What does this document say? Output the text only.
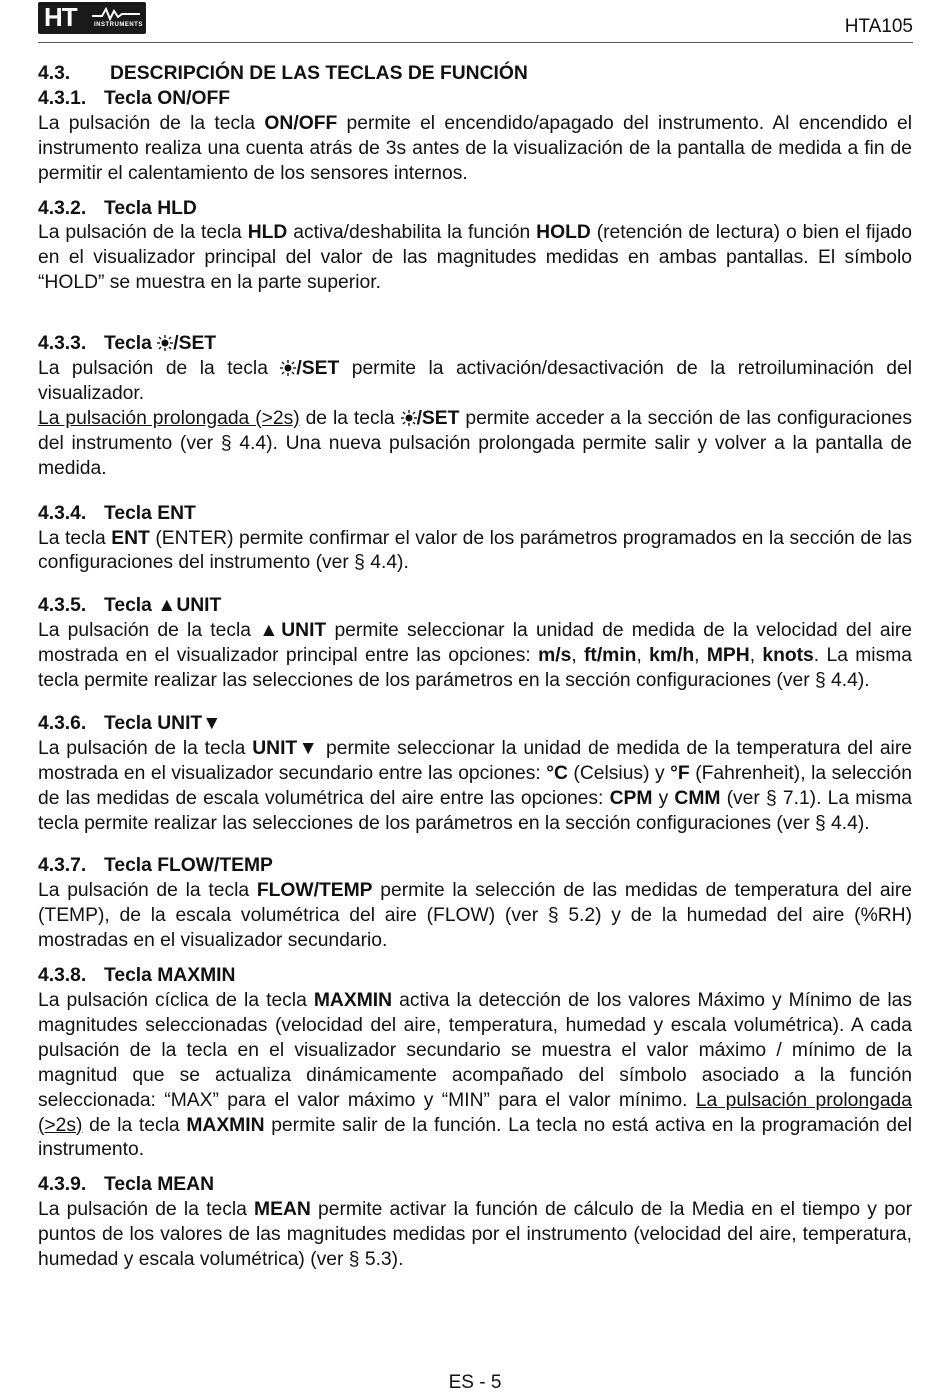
HT	INSTRUMENTS	HTA105
4.3. DESCRIPCIÓN DE LAS TECLAS DE FUNCIÓN
4.3.1. Tecla ON/OFF

La pulsación de la tecla ON/OFF permite el encendido/apagado del instrumento. Al encendido el instrumento realiza una cuenta atrás de 3s antes de la visualización de la pantalla de medida a fin de permitir el calentamiento de los sensores internos.

4.3.2. Tecla HLD

La pulsación de la tecla HLD activa/deshabilita la función HOLD (retención de lectura) o bien el fijado en el visualizador principal del valor de las magnitudes medidas en ambas pantallas. El símbolo “HOLD” se muestra en la parte superior.

4.3.3. Tecla /SET

La pulsación de la tecla /SET permite la activación/desactivación de la retroiluminación del visualizador.

La pulsación prolongada (>2s) de la tecla /SET permite acceder a la sección de las configuraciones del instrumento (ver § 4.4). Una nueva pulsación prolongada permite salir y volver a la pantalla de medida.

4.3.4. Tecla ENT

La tecla ENT (ENTER) permite confirmar el valor de los parámetros programados en la sección de las configuraciones del instrumento (ver § 4.4).

4.3.5. Tecla ▲UNIT

La pulsación de la tecla ▲UNIT permite seleccionar la unidad de medida de la velocidad del aire mostrada en el visualizador principal entre las opciones: m/s, ft/min, km/h, MPH, knots. La misma tecla permite realizar las selecciones de los parámetros en la sección configuraciones (ver § 4.4).

4.3.6. Tecla UNIT▼

La pulsación de la tecla UNIT▼ permite seleccionar la unidad de medida de la temperatura del aire mostrada en el visualizador secundario entre las opciones: °C (Celsius) y °F (Fahrenheit), la selección de las medidas de escala volumétrica del aire entre las opciones: CPM y CMM (ver § 7.1). La misma tecla permite realizar las selecciones de los parámetros en la sección configuraciones (ver § 4.4).

4.3.7. Tecla FLOW/TEMP

La pulsación de la tecla FLOW/TEMP permite la selección de las medidas de temperatura del aire (TEMP), de la escala volumétrica del aire (FLOW) (ver § 5.2) y de la humedad del aire (%RH) mostradas en el visualizador secundario.

4.3.8. Tecla MAXMIN

La pulsación cíclica de la tecla MAXMIN activa la detección de los valores Máximo y Mínimo de las magnitudes seleccionadas (velocidad del aire, temperatura, humedad y escala volumétrica). A cada pulsación de la tecla en el visualizador secundario se muestra el valor máximo / mínimo de la magnitud que se actualiza dinámicamente acompañado del símbolo asociado a la función seleccionada: “MAX” para el valor máximo y “MIN” para el valor mínimo. La pulsación prolongada (>2s) de la tecla MAXMIN permite salir de la función. La tecla no está activa en la programación del instrumento.

4.3.9. Tecla MEAN

La pulsación de la tecla MEAN permite activar la función de cálculo de la Media en el tiempo y por puntos de los valores de las magnitudes medidas por el instrumento (velocidad del aire, temperatura, humedad y escala volumétrica) (ver § 5.3).

ES - 5
